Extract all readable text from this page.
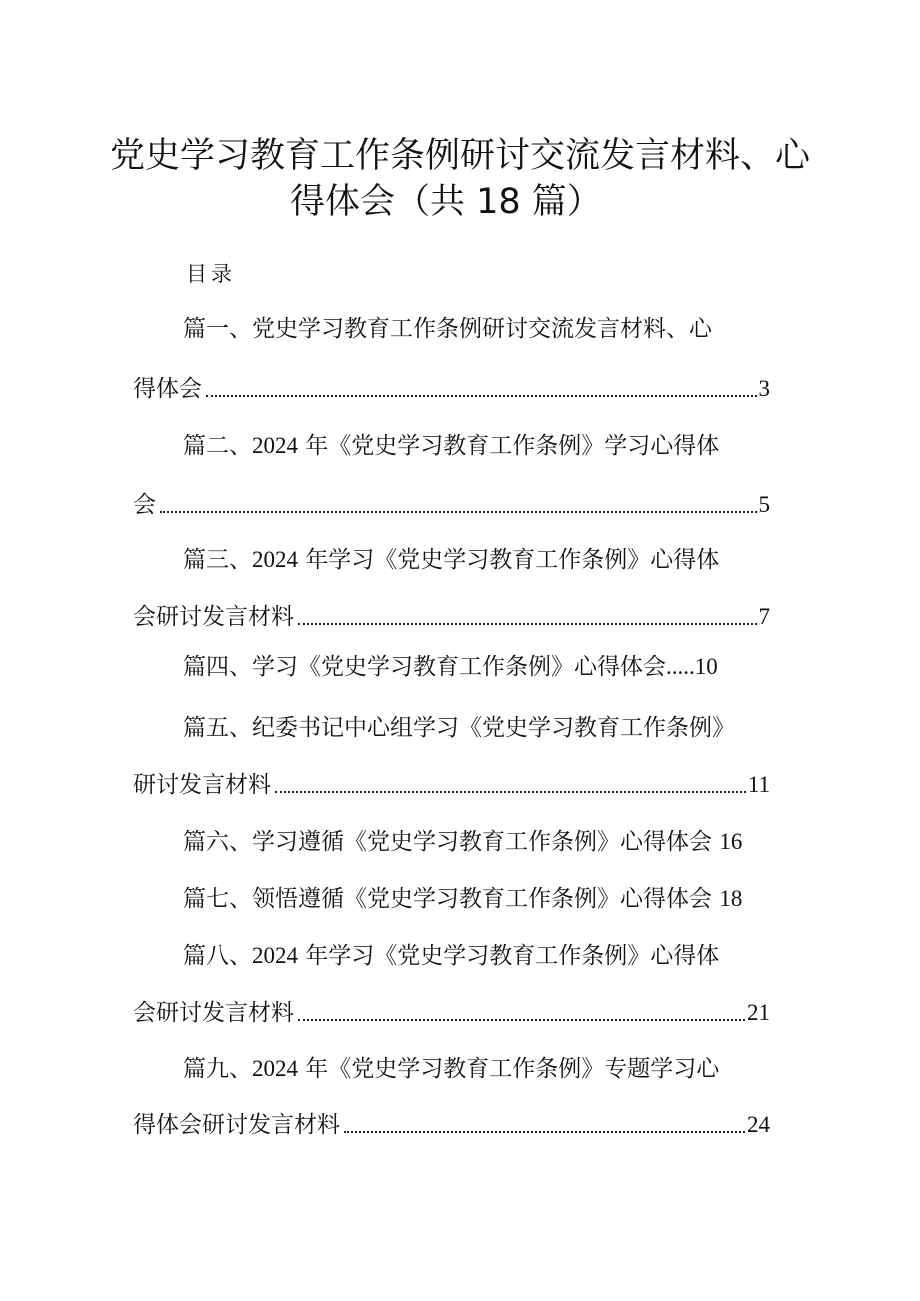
党史学习教育工作条例研讨交流发言材料、心
得体会（共 18 篇）
目录
篇一、党史学习教育工作条例研讨交流发言材料、心
得体会	3
篇二、2024 年《党史学习教育工作条例》学习心得体
会	5
篇三、2024 年学习《党史学习教育工作条例》心得体
会研讨发言材料	7
篇四、学习《党史学习教育工作条例》心得体会.....10
篇五、纪委书记中心组学习《党史学习教育工作条例》
研讨发言材料	11
篇六、学习遵循《党史学习教育工作条例》心得体会 16
篇七、领悟遵循《党史学习教育工作条例》心得体会 18
篇八、2024 年学习《党史学习教育工作条例》心得体
会研讨发言材料	21
篇九、2024 年《党史学习教育工作条例》专题学习心
得体会研讨发言材料	24
